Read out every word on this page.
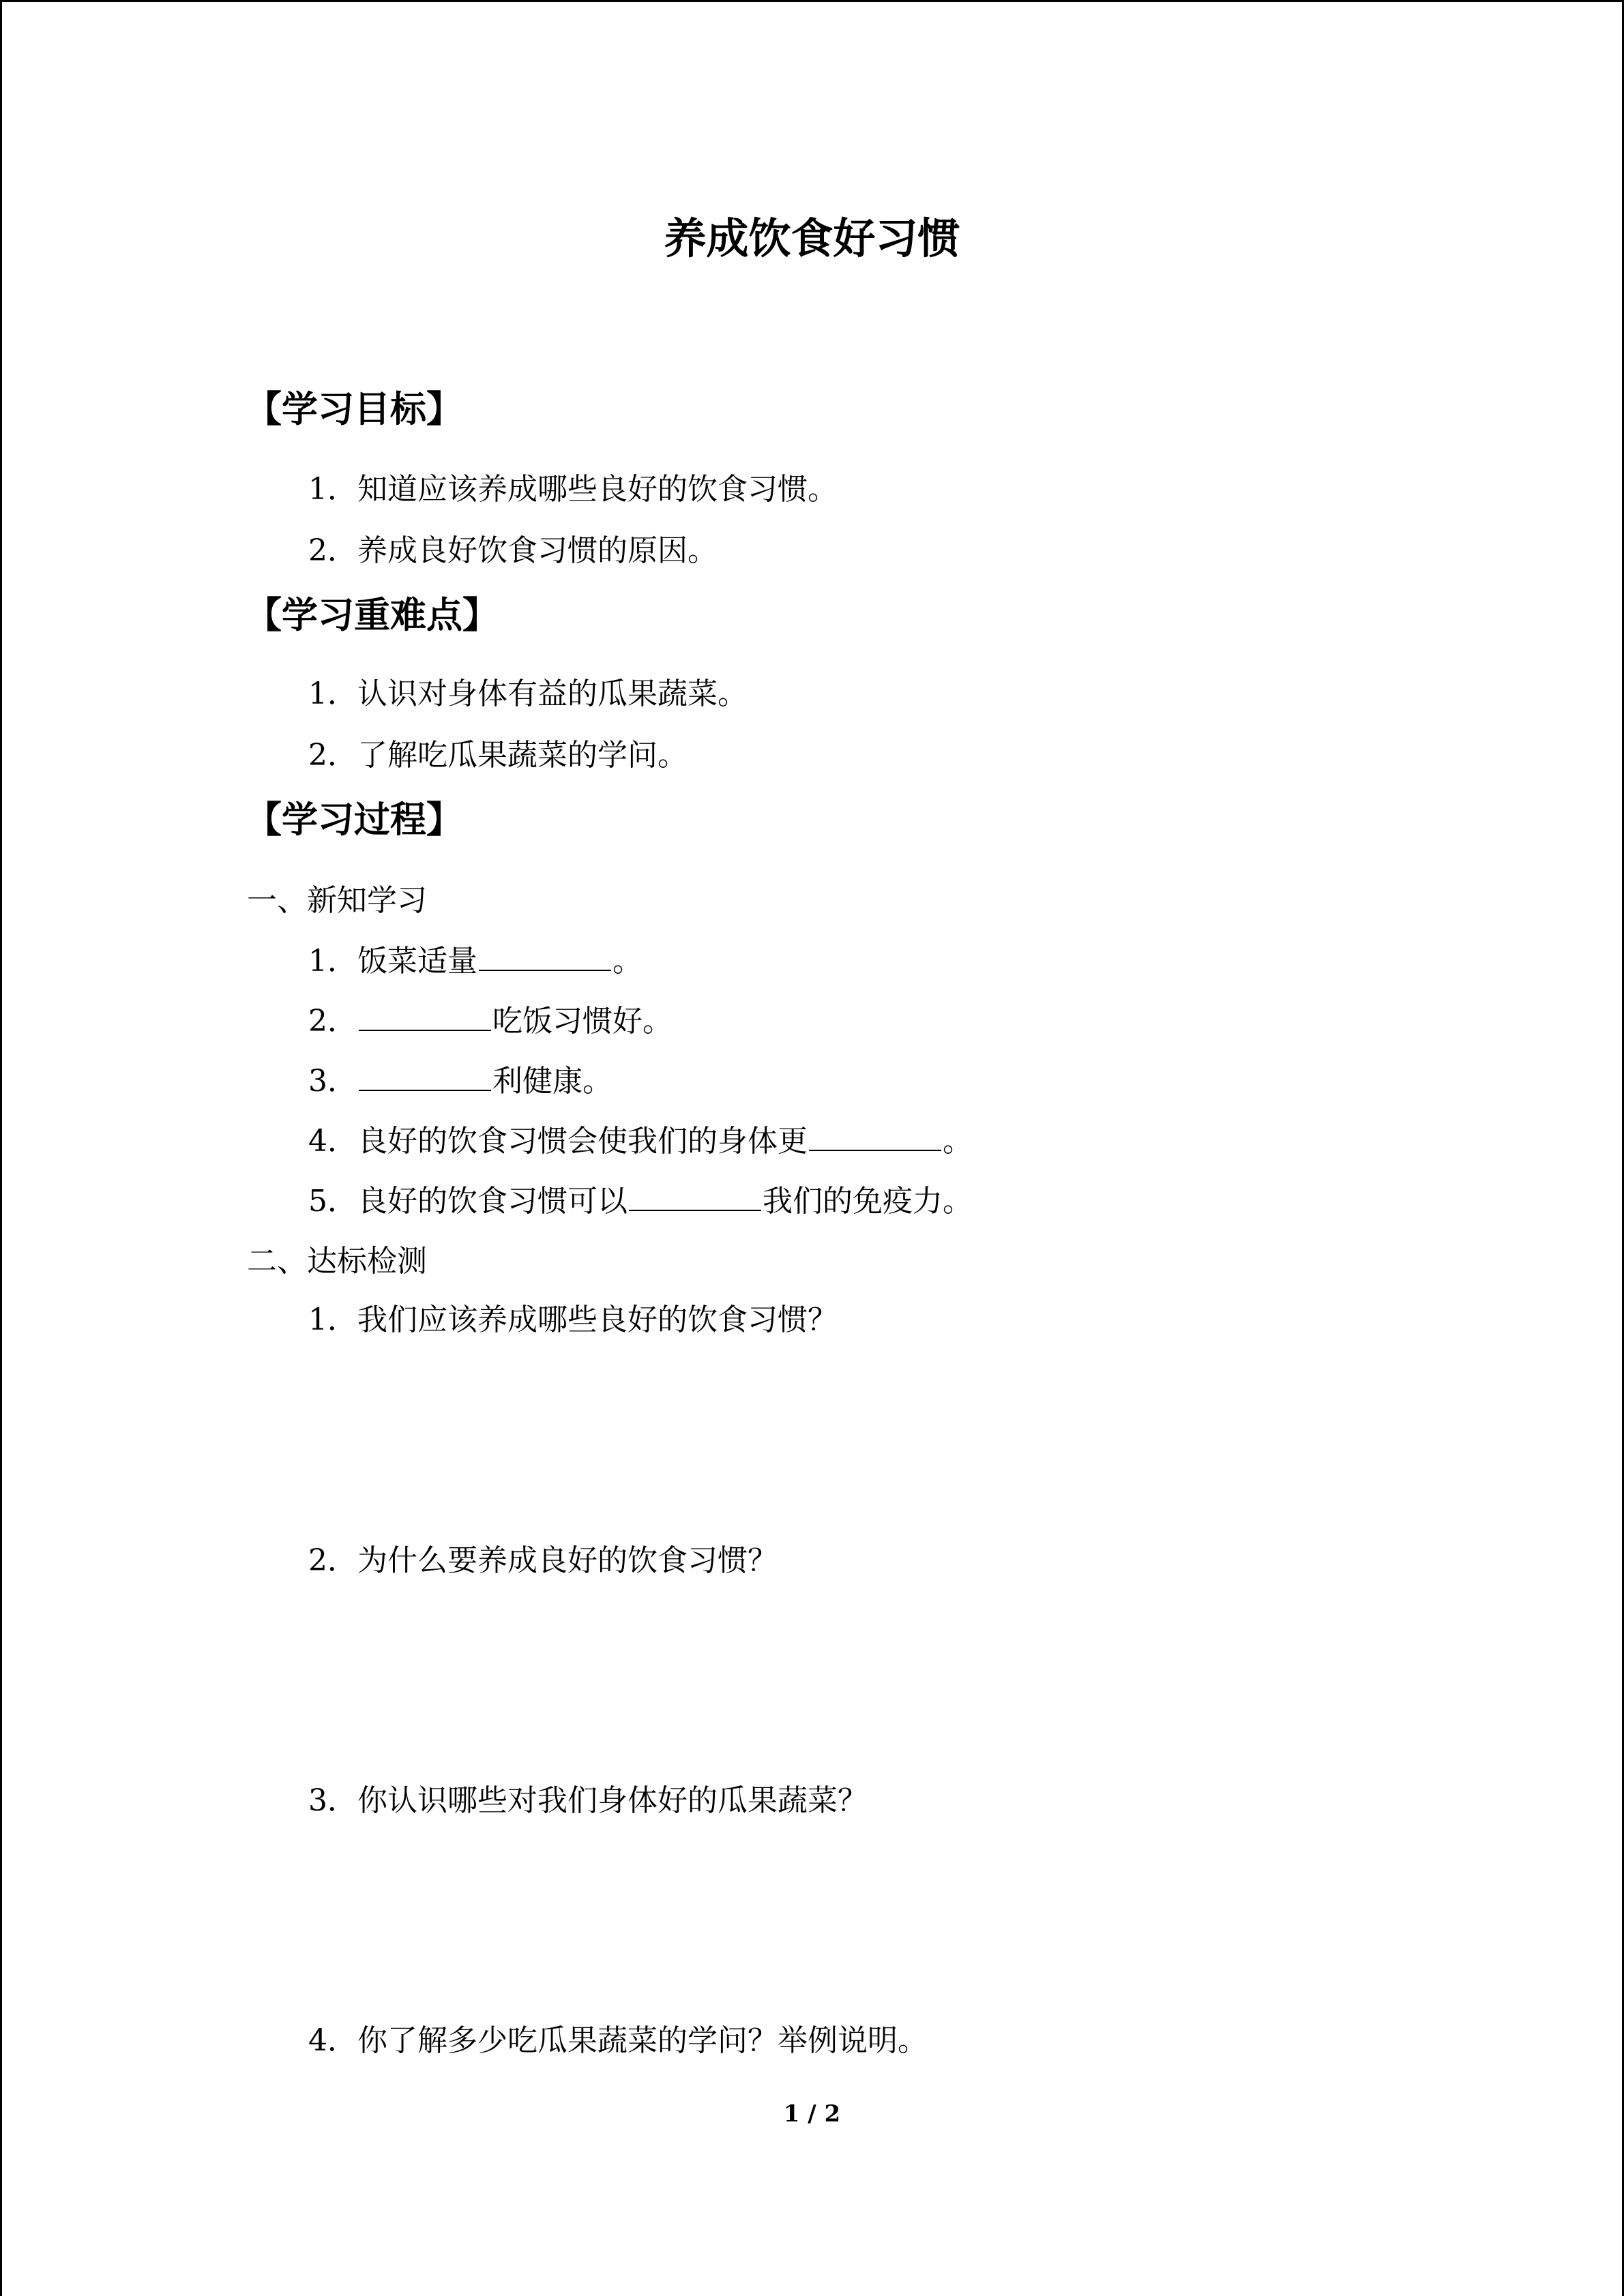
养成饮食好习惯
【学习目标】
1．知道应该养成哪些良好的饮食习惯。
2．养成良好饮食习惯的原因。
【学习重难点】
1．认识对身体有益的瓜果蔬菜。
2．了解吃瓜果蔬菜的学问。
【学习过程】
一、新知学习
1．饭菜适量	。
2．	吃饭习惯好。
3．	利健康。
4．良好的饮食习惯会使我们的身体更	。
5．良好的饮食习惯可以	我们的免疫力。
二、达标检测
1．我们应该养成哪些良好的饮食习惯？
2．为什么要养成良好的饮食习惯？
3．你认识哪些对我们身体好的瓜果蔬菜？
4．你了解多少吃瓜果蔬菜的学问？举例说明。
1 / 2
